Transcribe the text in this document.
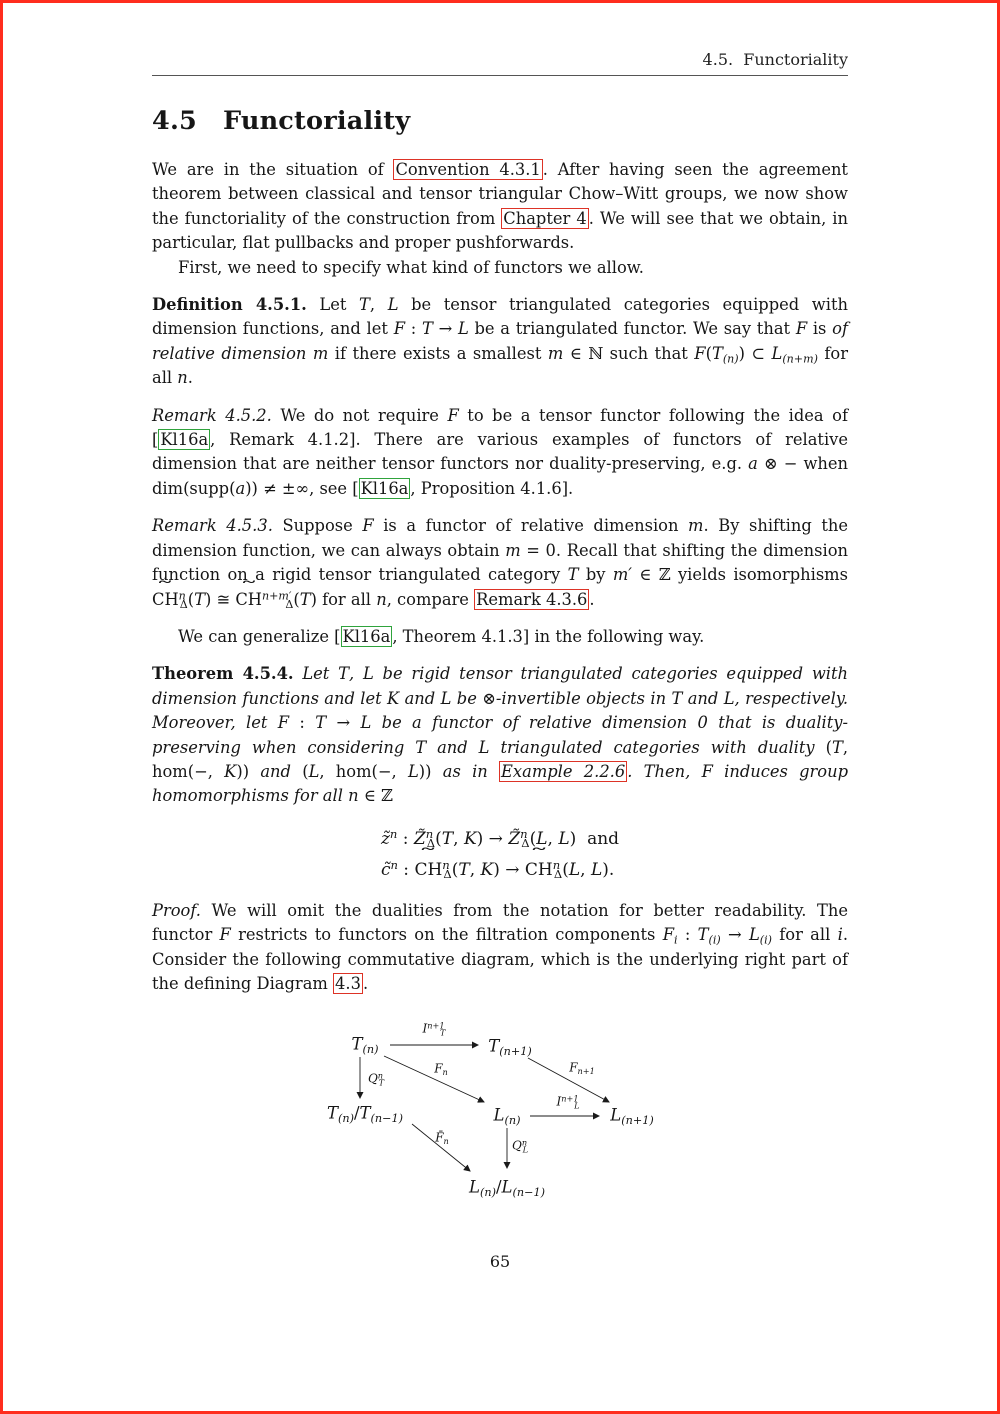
4.5.  Functoriality
4.5 Functoriality

We are in the situation of Convention 4.3.1 . After having seen the agreement theorem between classical and tensor triangular Chow–Witt groups, we now show the functoriality of the construction from Chapter 4 . We will see that we obtain, in particular, flat pullbacks and proper pushforwards.

First, we need to specify what kind of functors we allow.

Definition 4.5.1. Let T, L be tensor triangulated categories equipped with dimension functions, and let F : T → L be a triangulated functor. We say that F is of relative dimension m if there exists a smallest m ∈ ℕ such that $F(T_{(n)})$ ⊂ $L_{(n+m)}$ for all n.

Remark 4.5.2. We do not require F to be a tensor functor following the idea of [ Kl16a , Remark 4.1.2]. There are various examples of functors of relative dimension that are neither tensor functors nor duality-preserving, e.g. a ⊗ − when dim(supp(a)) ≠ ±∞, see [ Kl16a , Proposition 4.1.6].

Remark 4.5.3. Suppose F is a functor of relative dimension m. By shifting the dimension function, we can always obtain m = 0. Recall that shifting the dimension function on a rigid tensor triangulated category T by m′ ∈ ℤ yields isomorphisms ˜ $CH^n_\Delta(T)$ ≅ ˜ $CH^{n+m'}_\Delta(T)$ for all n, compare Remark 4.3.6 .

We can generalize [ Kl16a , Theorem 4.1.3] in the following way.

Theorem 4.5.4. Let T, L be rigid tensor triangulated categories equipped with dimension functions and let K and L be ⊗-invertible objects in T and L, respectively. Moreover, let F : T → L be a functor of relative dimension 0 that is duality-preserving when considering T and L triangulated categories with duality (T, hom(−, K)) and (L, hom(−, L)) as in Example 2.2.6 . Then, F induces group homomorphisms for all n ∈ ℤ

z̃$^n$ : Z̃$^n_\Delta$(T, K) → Z̃$^n_\Delta$(L, L)  and
c̃$^n$ : ˜ $CH^n_\Delta(T$, K) → ˜ $CH^n_\Delta(L$, L).

Proof. We will omit the dualities from the notation for better readability. The functor F restricts to functors on the filtration components $F_i$ : $T_{(i)} \to L_{(i)}$ for all i. Consider the following commutative diagram, which is the underlying right part of the defining Diagram 4.3 .

$T_{(n)}$	$T_{(n+1)}$
$T_{(n)}/T_{(n-1)}$	$L_{(n)}$	$L_{(n+1)}$
$L_{(n)}/L_{(n-1)}$
$I^{n+1}_T$
$Q^n_T$
$F_n$	$F_{n+1}$
$I^{n+1}_L$
$Q^n_L$
$F̄_n$
65
